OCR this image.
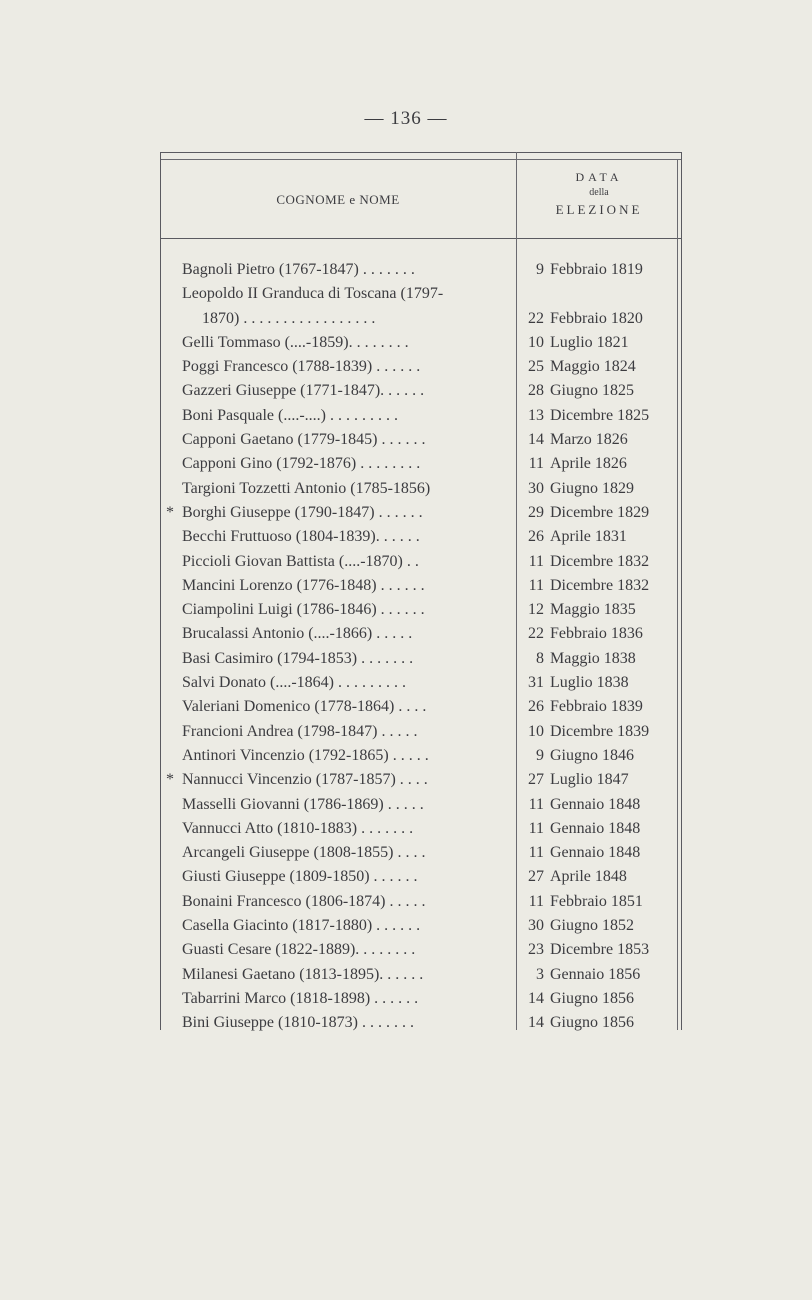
— 136 —
COGNOME e NOME
DATA
della
ELEZIONE
Bagnoli Pietro (1767-1847) . . . . . . .	9 Febbraio 1819
Leopoldo II Granduca di Toscana (1797-
1870) . . . . . . . . . . . . . . . . .	22 Febbraio 1820
Gelli Tommaso (....-1859). . . . . . . .	10 Luglio 1821
Poggi Francesco (1788-1839) . . . . . .	25 Maggio 1824
Gazzeri Giuseppe (1771-1847). . . . . .	28 Giugno 1825
Boni Pasquale (....-....) . . . . . . . . .	13 Dicembre 1825
Capponi Gaetano (1779-1845) . . . . . .	14 Marzo 1826
Capponi Gino (1792-1876) . . . . . . . .	11 Aprile 1826
Targioni Tozzetti Antonio (1785-1856)	30 Giugno 1829
* Borghi Giuseppe (1790-1847) . . . . . .	29 Dicembre 1829
Becchi Fruttuoso (1804-1839). . . . . .	26 Aprile 1831
Piccioli Giovan Battista (....-1870) . .	11 Dicembre 1832
Mancini Lorenzo (1776-1848) . . . . . .	11 Dicembre 1832
Ciampolini Luigi (1786-1846) . . . . . .	12 Maggio 1835
Brucalassi Antonio (....-1866) . . . . .	22 Febbraio 1836
Basi Casimiro (1794-1853) . . . . . . .	8 Maggio 1838
Salvi Donato (....-1864) . . . . . . . . .	31 Luglio 1838
Valeriani Domenico (1778-1864) . . . .	26 Febbraio 1839
Francioni Andrea (1798-1847) . . . . .	10 Dicembre 1839
Antinori Vincenzio (1792-1865) . . . . .	9 Giugno 1846
* Nannucci Vincenzio (1787-1857) . . . .	27 Luglio 1847
Masselli Giovanni (1786-1869) . . . . .	11 Gennaio 1848
Vannucci Atto (1810-1883) . . . . . . .	11 Gennaio 1848
Arcangeli Giuseppe (1808-1855) . . . .	11 Gennaio 1848
Giusti Giuseppe (1809-1850) . . . . . .	27 Aprile 1848
Bonaini Francesco (1806-1874) . . . . .	11 Febbraio 1851
Casella Giacinto (1817-1880) . . . . . .	30 Giugno 1852
Guasti Cesare (1822-1889). . . . . . . .	23 Dicembre 1853
Milanesi Gaetano (1813-1895). . . . . .	3 Gennaio 1856
Tabarrini Marco (1818-1898) . . . . . .	14 Giugno 1856
Bini Giuseppe (1810-1873) . . . . . . .	14 Giugno 1856
